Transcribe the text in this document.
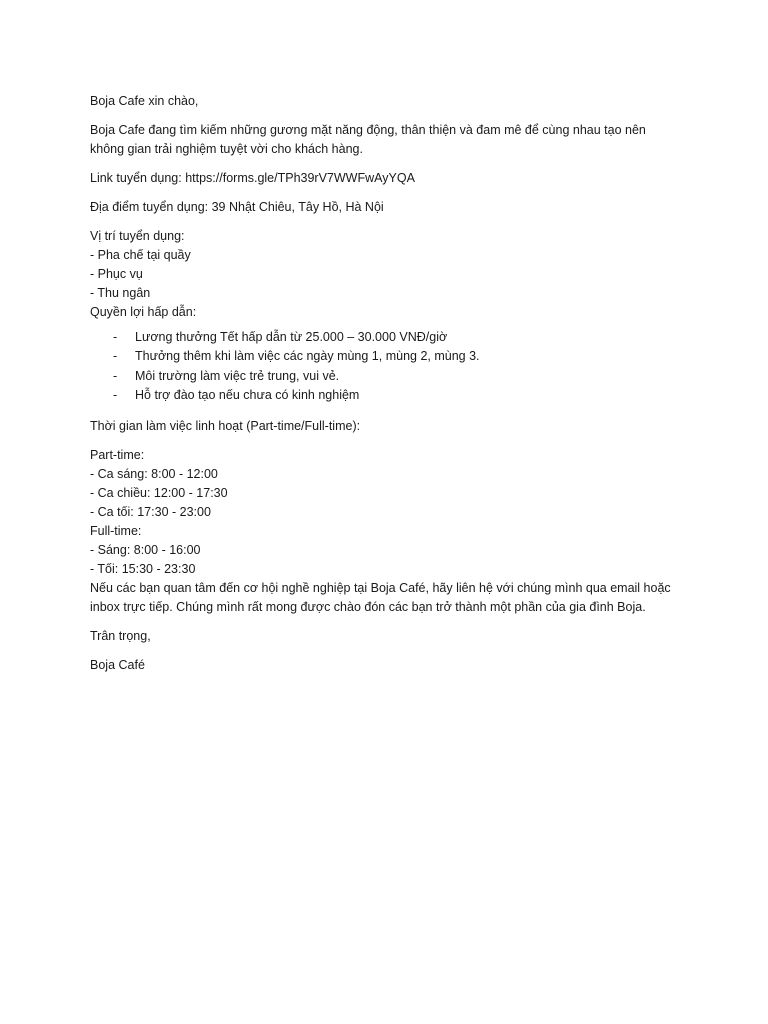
Boja Cafe xin chào,

Boja Cafe đang tìm kiếm những gương mặt năng động, thân thiện và đam mê để cùng nhau tạo nên
không gian trải nghiệm tuyệt vời cho khách hàng.

Link tuyển dụng: https://forms.gle/TPh39rV7WWFwAyYQA

Địa điểm tuyển dụng: 39 Nhật Chiêu, Tây Hồ, Hà Nội

Vị trí tuyển dụng:
- Pha chế tại quầy
- Phục vụ
- Thu ngân
Quyền lợi hấp dẫn:
- Lương thưởng Tết hấp dẫn từ 25.000 – 30.000 VNĐ/giờ
- Thưởng thêm khi làm việc các ngày mùng 1, mùng 2, mùng 3.
- Môi trường làm việc trẻ trung, vui vẻ.
- Hỗ trợ đào tạo nếu chưa có kinh nghiệm

Thời gian làm việc linh hoạt (Part-time/Full-time):

Part-time:
- Ca sáng: 8:00 - 12:00
- Ca chiều: 12:00 - 17:30
- Ca tối: 17:30 - 23:00
Full-time:
- Sáng: 8:00 - 16:00
- Tối: 15:30 - 23:30

Nếu các bạn quan tâm đến cơ hội nghề nghiệp tại Boja Café, hãy liên hệ với chúng mình qua email hoặc
inbox trực tiếp. Chúng mình rất mong được chào đón các bạn trở thành một phần của gia đình Boja.

Trân trọng,

Boja Café
